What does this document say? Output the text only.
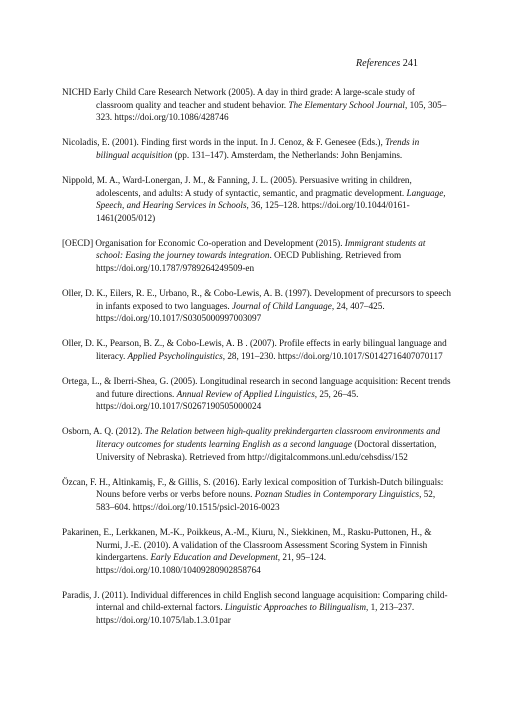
References 241

NICHD Early Child Care Research Network (2005). A day in third grade: A large-scale study of classroom quality and teacher and student behavior. The Elementary School Journal, 105, 305–323. https://doi.org/10.1086/428746

Nicoladis, E. (2001). Finding first words in the input. In J. Cenoz, & F. Genesee (Eds.), Trends in bilingual acquisition (pp. 131–147). Amsterdam, the Netherlands: John Benjamins.

Nippold, M. A., Ward-Lonergan, J. M., & Fanning, J. L. (2005). Persuasive writing in children, adolescents, and adults: A study of syntactic, semantic, and pragmatic development. Language, Speech, and Hearing Services in Schools, 36, 125–128. https://doi.org/10.1044/0161-1461(2005/012)

[OECD] Organisation for Economic Co-operation and Development (2015). Immigrant students at school: Easing the journey towards integration. OECD Publishing. Retrieved from https://doi.org/10.1787/9789264249509-en

Oller, D. K., Eilers, R. E., Urbano, R., & Cobo-Lewis, A. B. (1997). Development of precursors to speech in infants exposed to two languages. Journal of Child Language, 24, 407–425. https://doi.org/10.1017/S0305000997003097

Oller, D. K., Pearson, B. Z., & Cobo-Lewis, A. B . (2007). Profile effects in early bilingual language and literacy. Applied Psycholinguistics, 28, 191–230. https://doi.org/10.1017/S0142716407070117

Ortega, L., & Iberri-Shea, G. (2005). Longitudinal research in second language acquisition: Recent trends and future directions. Annual Review of Applied Linguistics, 25, 26–45. https://doi.org/10.1017/S0267190505000024

Osborn, A. Q. (2012). The Relation between high-quality prekindergarten classroom environments and literacy outcomes for students learning English as a second language (Doctoral dissertation, University of Nebraska). Retrieved from http://digitalcommons.unl.edu/cehsdiss/152

Özcan, F. H., Altinkamiş, F., & Gillis, S. (2016). Early lexical composition of Turkish-Dutch bilinguals: Nouns before verbs or verbs before nouns. Poznan Studies in Contemporary Linguistics, 52, 583–604. https://doi.org/10.1515/psicl-2016-0023

Pakarinen, E., Lerkkanen, M.-K., Poikkeus, A.-M., Kiuru, N., Siekkinen, M., Rasku-Puttonen, H., & Nurmi, J.-E. (2010). A validation of the Classroom Assessment Scoring System in Finnish kindergartens. Early Education and Development, 21, 95–124. https://doi.org/10.1080/10409280902858764

Paradis, J. (2011). Individual differences in child English second language acquisition: Comparing child-internal and child-external factors. Linguistic Approaches to Bilingualism, 1, 213–237. https://doi.org/10.1075/lab.1.3.01par
